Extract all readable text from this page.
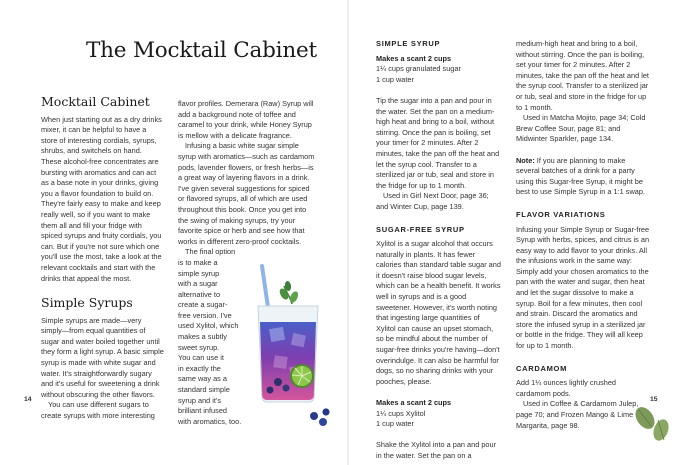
The Mocktail Cabinet
Mocktail Cabinet

When just starting out as a dry drinks mixer, it can be helpful to have a store of interesting cordials, syrups, shrubs, and switchels on hand. These alcohol-free concentrates are bursting with aromatics and can act as a base note in your drinks, giving you a flavor foundation to build on. They're fairly easy to make and keep really well, so if you want to make them all and fill your fridge with spiced syrups and fruity cordials, you can. But if you're not sure which one you'll use the most, take a look at the relevant cocktails and start with the drinks that appeal the most.

Simple Syrups

Simple syrups are made—very simply—from equal quantities of sugar and water boiled together until they form a light syrup. A basic simple syrup is made with white sugar and water. It's straightforwardly sugary and it's useful for sweetening a drink without obscuring the other flavors.

You can use different sugars to create syrups with more interesting

flavor profiles. Demerara (Raw) Syrup will add a background note of toffee and caramel to your drink, while Honey Syrup is mellow with a delicate fragrance.

Infusing a basic white sugar simple syrup with aromatics—such as cardamom pods, lavender flowers, or fresh herbs—is a great way of layering flavors in a drink. I've given several suggestions for spiced or flavored syrups, all of which are used throughout this book. Once you get into the swing of making syrups, try your favorite spice or herb and see how that works in different zero-proof cocktails.

The final option
is to make a
simple syrup
with a sugar
alternative to
create a sugar-
free version. I've
used Xylitol, which
makes a subtly
sweet syrup.
You can use it
in exactly the
same way as a
standard simple
syrup and it's
brilliant infused
with aromatics, too.
14
SIMPLE SYRUP

Makes a scant 2 cups

1¼ cups granulated sugar

1 cup water

Tip the sugar into a pan and pour in the water. Set the pan on a medium-high heat and bring to a boil, without stirring. Once the pan is boiling, set your timer for 2 minutes. After 2 minutes, take the pan off the heat and let the syrup cool. Transfer to a sterilized jar or tub, seal and store in the fridge for up to 1 month.

Used in Girl Next Door, page 36; and Winter Cup, page 139.

SUGAR-FREE SYRUP

Xylitol is a sugar alcohol that occurs naturally in plants. It has fewer calories than standard table sugar and it doesn't raise blood sugar levels, which can be a health benefit. It works well in syrups and is a good sweetener. However, it's worth noting that ingesting large quantities of Xylitol can cause an upset stomach, so be mindful about the number of sugar-free drinks you're having—don't overindulge. It can also be harmful for dogs, so no sharing drinks with your pooches, please.

Makes a scant 2 cups

1¼ cups Xylitol

1 cup water

Shake the Xylitol into a pan and pour in the water. Set the pan on a

medium-high heat and bring to a boil, without stirring. Once the pan is boiling, set your timer for 2 minutes. After 2 minutes, take the pan off the heat and let the syrup cool. Transfer to a sterilized jar or tub, seal and store in the fridge for up to 1 month.

Used in Matcha Mojito, page 34; Cold Brew Coffee Sour, page 81; and Midwinter Sparkler, page 134.

Note: If you are planning to make several batches of a drink for a party using this Sugar-free Syrup, it might be best to use Simple Syrup in a 1:1 swap.

FLAVOR VARIATIONS

Infusing your Simple Syrup or Sugar-free Syrup with herbs, spices, and citrus is an easy way to add flavor to your drinks. All the infusions work in the same way: Simply add your chosen aromatics to the pan with the water and sugar, then heat and let the sugar dissolve to make a syrup. Boil for a few minutes, then cool and strain. Discard the aromatics and store the infused syrup in a sterilized jar or bottle in the fridge. They will all keep for up to 1 month.

CARDAMOM

Add 1¼ ounces lightly crushed cardamom pods.

Used in Coffee & Cardamom Julep, page 70; and Frozen Mango & Lime Margarita, page 98.

15
